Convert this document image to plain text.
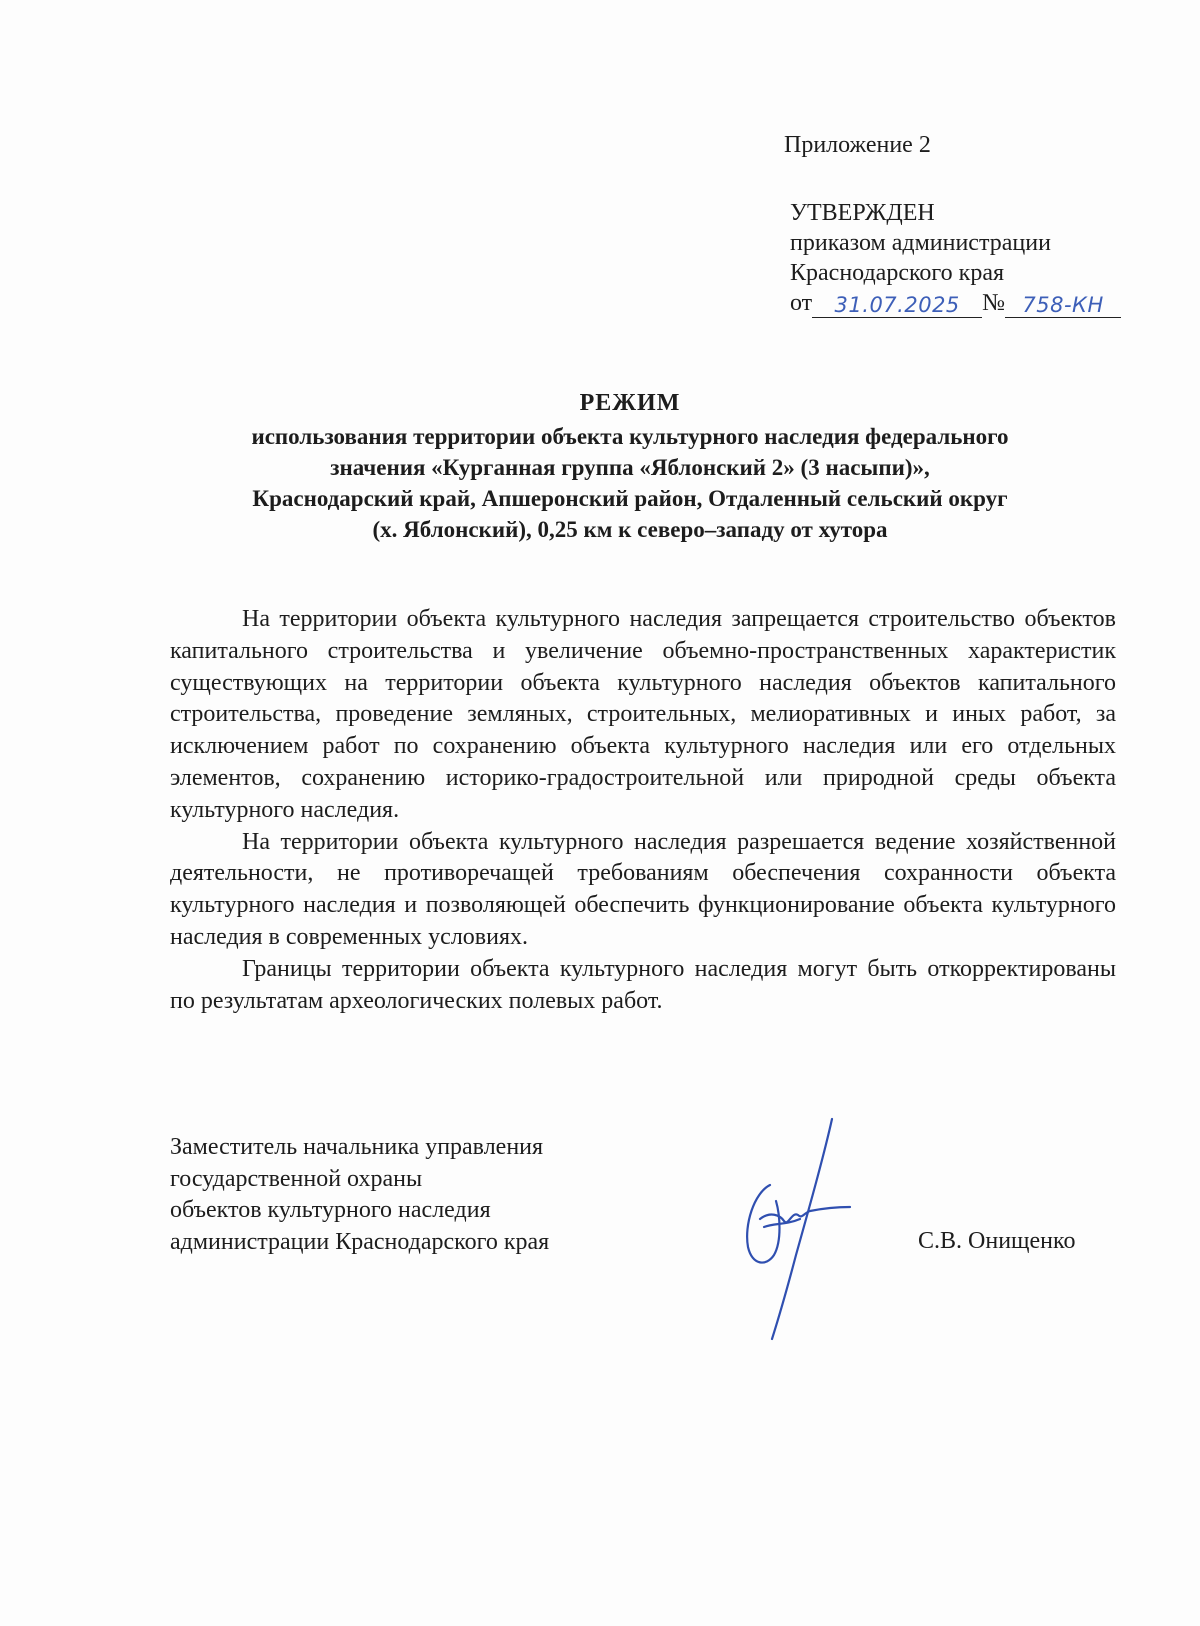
Приложение 2
УТВЕРЖДЕН
приказом администрации
Краснодарского края
от	31.07.2025 № 758-КН
РЕЖИМ
использования территории объекта культурного наследия федерального
значения «Курганная группа «Яблонский 2» (3 насыпи)»,
Краснодарский край, Апшеронский район, Отдаленный сельский округ
(х. Яблонский), 0,25 км к северо–западу от хутора

На территории объекта культурного наследия запрещается строительство объектов капитального строительства и увеличение объемно-пространственных характеристик существующих на территории объекта культурного наследия объектов капитального строительства, проведение земляных, строительных, мелиоративных и иных работ, за исключением работ по сохранению объекта культурного наследия или его отдельных элементов, сохранению историко-градостроительной или природной среды объекта культурного наследия.

На территории объекта культурного наследия разрешается ведение хозяйственной деятельности, не противоречащей требованиям обеспечения сохранности объекта культурного наследия и позволяющей обеспечить функционирование объекта культурного наследия в современных условиях.

Границы территории объекта культурного наследия могут быть откорректированы по результатам археологических полевых работ.

Заместитель начальника управления
государственной охраны
объектов культурного наследия
администрации Краснодарского края	С.В. Онищенко
